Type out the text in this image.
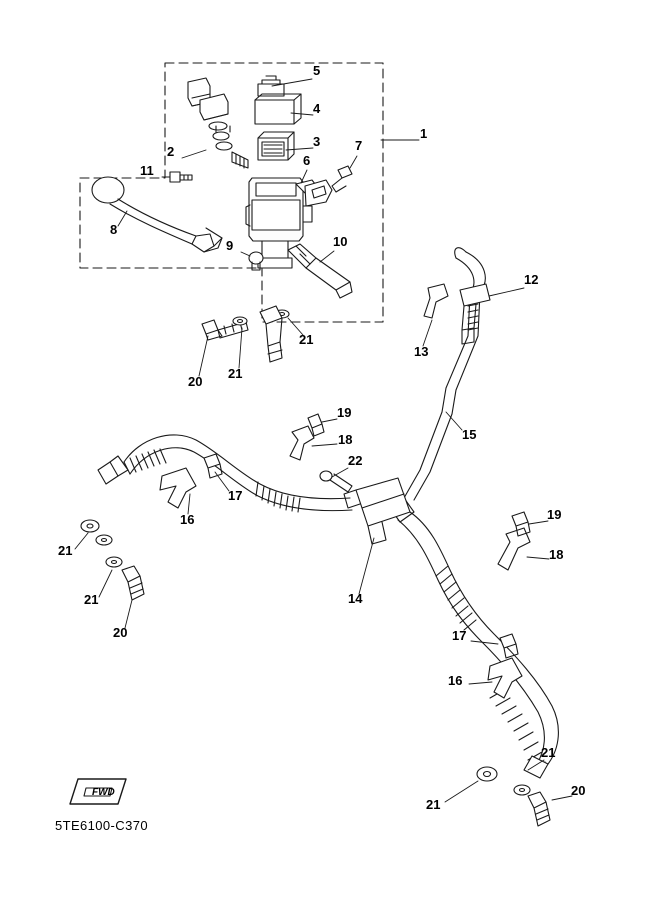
5
4
3
1
2
6
7
11
8
9	10
12
13
20
21
21
15
19
18
22
17
16	19
18
21
21
20
14
17
16
21
20
21
FWD
5TE6100-C370
